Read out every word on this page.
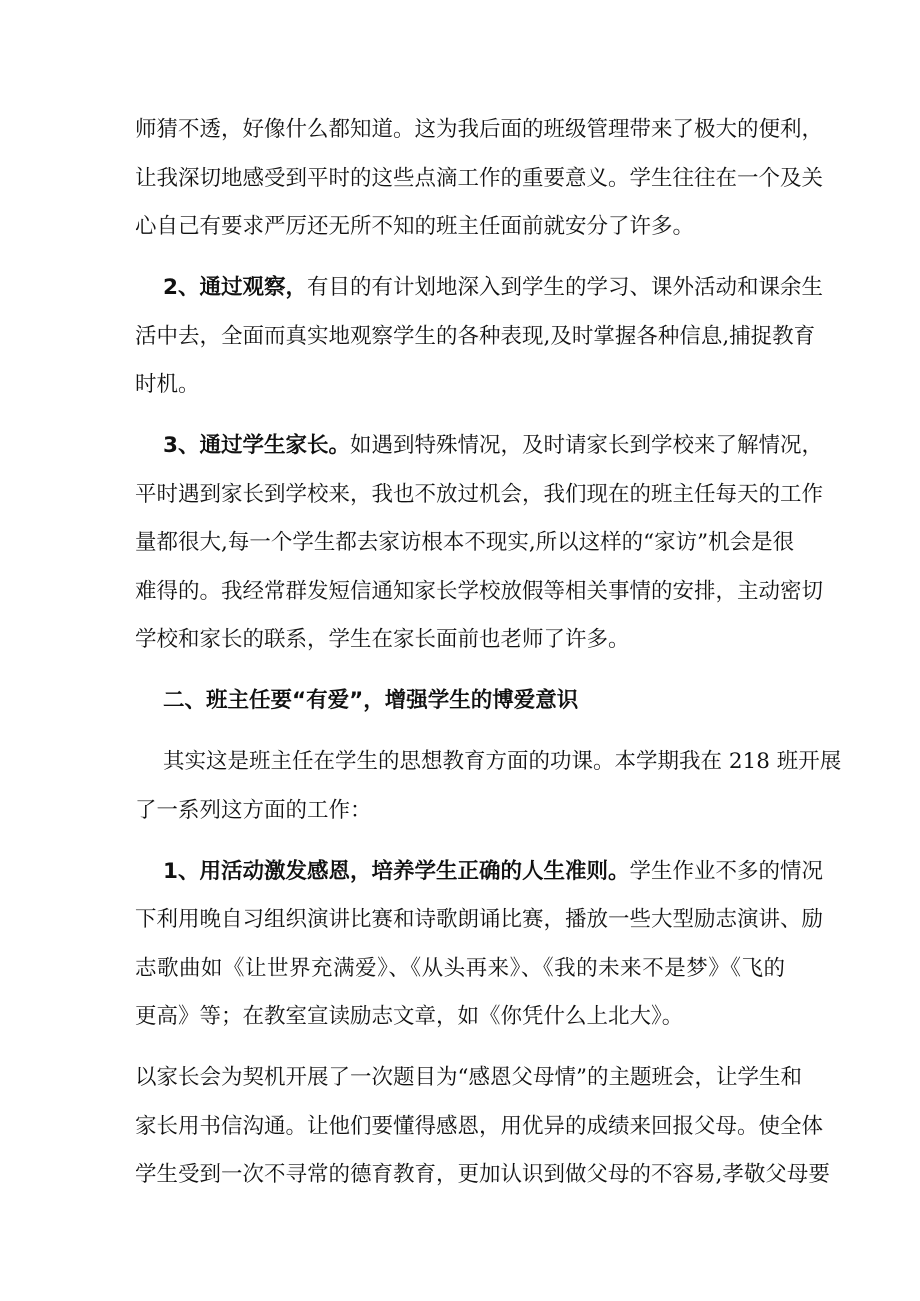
师猜不透，好像什么都知道。这为我后面的班级管理带来了极大的便利，
让我深切地感受到平时的这些点滴工作的重要意义。学生往往在一个及关
心自己有要求严厉还无所不知的班主任面前就安分了许多。
2、通过观察，有目的有计划地深入到学生的学习、课外活动和课余生
活中去，全面而真实地观察学生的各种表现,及时掌握各种信息,捕捉教育
时机。
3、通过学生家长。如遇到特殊情况，及时请家长到学校来了解情况，
平时遇到家长到学校来，我也不放过机会，我们现在的班主任每天的工作
量都很大,每一个学生都去家访根本不现实,所以这样的“家访”机会是很
难得的。我经常群发短信通知家长学校放假等相关事情的安排，主动密切
学校和家长的联系，学生在家长面前也老师了许多。
二、班主任要“有爱”，增强学生的博爱意识
其实这是班主任在学生的思想教育方面的功课。本学期我在 218 班开展
了一系列这方面的工作：
1、用活动激发感恩，培养学生正确的人生准则。学生作业不多的情况
下利用晚自习组织演讲比赛和诗歌朗诵比赛，播放一些大型励志演讲、励
志歌曲如《让世界充满爱》、《从头再来》、《我的未来不是梦》《飞的
更高》等；在教室宣读励志文章，如《你凭什么上北大》。
以家长会为契机开展了一次题目为“感恩父母情”的主题班会，让学生和
家长用书信沟通。让他们要懂得感恩，用优异的成绩来回报父母。使全体
学生受到一次不寻常的德育教育，更加认识到做父母的不容易,孝敬父母要
